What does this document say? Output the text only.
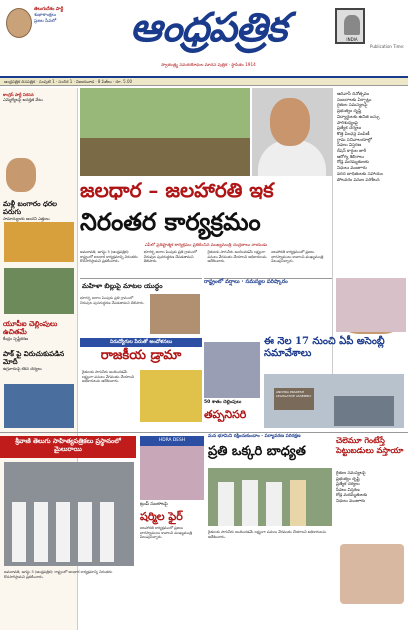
తెలుగుదేశం పార్టీ
శుభాకాంక్షలు
ప్రజల సేవలో	ఆంధ్రపత్రిక
స్వాతంత్ర్య సమరయోధుల మానస పుత్రిక · స్థాపితం 1914
INDIA
Publication Time:
ఆంధ్రపత్రిక దినపత్రిక · సంపుటి 1 · సంచిక 1 · విజయవాడ · 8 పేజీలు · రూ. 5.00
కాంగ్రెస్ పార్టీ నిరసన
ఎమ్మెల్యేలపై అనర్హత వేటు
మళ్లీ బంగారం ధరల పరుగు
సామాన్యులకు అందని ఎత్తులు
యూపీఐ చెల్లింపులు ఉచితమే
కేంద్రం స్పష్టీకరణ
పాక్ పై విరుచుకుపడిన మోదీ
ఉగ్రవాదంపై కఠిన చర్యలు
జలధార – జలహారతి ఇక
నిరంతర కార్యక్రమం
ఎపీలో ప్రతిష్టాత్మక కార్యక్రమం ప్రకటించిన ముఖ్యమంత్రి చంద్రబాబు నాయుడు
అమరావతి, ఆగస్టు 5 (ఆంధ్రపత్రిక): రాష్ట్రంలో జలధార కార్యక్రమాన్ని నిరంతరం కొనసాగిస్తామని ప్రకటించారు.
భూగర్భ జలాల పెంపుకు ప్రతి గ్రామంలో చెరువుల పునరుద్ధరణ చేపడతామని తెలిపారు.
రైతులకు సాగునీరు అందించడమే లక్ష్యంగా పనులు వేగవంతం చేయాలని అధికారులను ఆదేశించారు.
జలహారతి కార్యక్రమంలో ప్రజలు భాగస్వాములు కావాలని ముఖ్యమంత్రి పిలుపునిచ్చారు.
ఆదివాసీ దినోత్సవం
సంబరాలకు ఏర్పాట్లు
రైతుల సమస్యలపై
ప్రభుత్వం దృష్టి
విద్యార్థులకు ఉచిత బస్సు
పారిశుధ్యంపై
ప్రత్యేక చర్యలు
కొత్త పింఛన్ల పంపిణీ
గ్రామ సచివాలయాల్లో
సేవలు విస్తరణ
రేషన్ కార్డుల జారీ
ఆరోగ్య శిబిరాలు
రోడ్ల మరమ్మతులకు
నిధులు మంజూరు
వరద బాధితులకు సహాయం
పోలవరం పనుల పరిశీలన
మహిళా బిల్లుపై మాటల యుద్ధం	రాష్ట్రంలో వర్షాలు · సమస్యల పరిష్కారం
భూగర్భ జలాల పెంపుకు ప్రతి గ్రామంలో చెరువుల పునరుద్ధరణ చేపడతామని తెలిపారు.
నిరుద్యోగుల పేరుతో అందోళనలు
రాజకీయ డ్రామా
రైతులకు సాగునీరు అందించడమే లక్ష్యంగా పనులు వేగవంతం చేయాలని అధికారులను ఆదేశించారు.
50 శాతం చెల్లింపులు
తప్పనిసరి
ఈ నెల 17 నుంచి ఏపీ అసెంబ్లీ సమావేశాలు
ANDHRA PRADESH LEGISLATIVE ASSEMBLY
శ్రీవాణి తెలుగు సాహిత్యపత్రికలు ప్రస్థానంలో మైలురాయి
అమరావతి, ఆగస్టు 5 (ఆంధ్రపత్రిక): రాష్ట్రంలో జలధార కార్యక్రమాన్ని నిరంతరం కొనసాగిస్తామని ప్రకటించారు.
HDRA DESH
ట్రంప్ సుంకాలపై
షర్మిల ఫైర్
జలహారతి కార్యక్రమంలో ప్రజలు భాగస్వాములు కావాలని ముఖ్యమంత్రి పిలుపునిచ్చారు.
మన భూమిని రక్షించుకుందాం · పర్యావరణ పరిరక్షణ
ప్రతి ఒక్కరి బాధ్యత
రైతులకు సాగునీరు అందించడమే లక్ష్యంగా పనులు వేగవంతం చేయాలని అధికారులను ఆదేశించారు.
చెలెమూ గెంటేస్తే పెట్టుబడులు వస్తాయా
రైతుల సమస్యలపై
ప్రభుత్వం దృష్టి
ప్రత్యేక చర్యలు
సేవలు విస్తరణ
రోడ్ల మరమ్మతులకు
నిధులు మంజూరు
